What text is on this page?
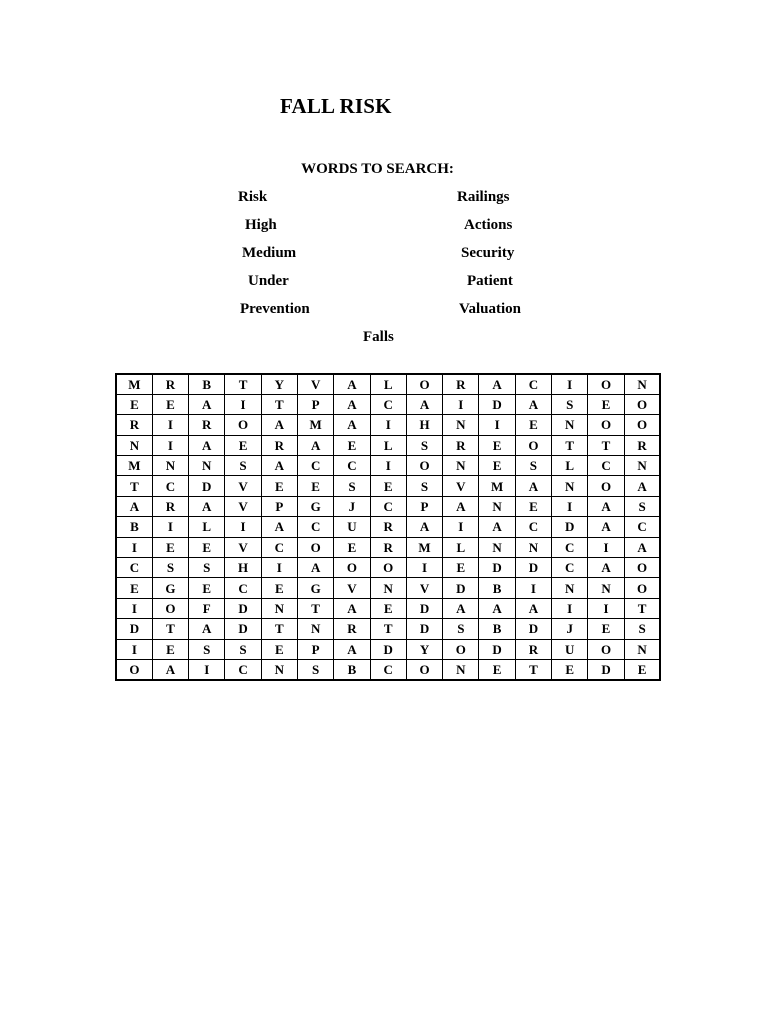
FALL RISK
WORDS TO SEARCH:
Risk
High
Medium
Under
Prevention
Railings
Actions
Security
Patient
Valuation
Falls
M	R	B	T	Y	V	A	L	O	R	A	C	I	O	N
E	E	A	I	T	P	A	C	A	I	D	A	S	E	O
R	I	R	O	A	M	A	I	H	N	I	E	N	O	O
N	I	A	E	R	A	E	L	S	R	E	O	T	T	R
M	N	N	S	A	C	C	I	O	N	E	S	L	C	N
T	C	D	V	E	E	S	E	S	V	M	A	N	O	A
A	R	A	V	P	G	J	C	P	A	N	E	I	A	S
B	I	L	I	A	C	U	R	A	I	A	C	D	A	C
I	E	E	V	C	O	E	R	M	L	N	N	C	I	A
C	S	S	H	I	A	O	O	I	E	D	D	C	A	O
E	G	E	C	E	G	V	N	V	D	B	I	N	N	O
I	O	F	D	N	T	A	E	D	A	A	A	I	I	T
D	T	A	D	T	N	R	T	D	S	B	D	J	E	S
I	E	S	S	E	P	A	D	Y	O	D	R	U	O	N
O	A	I	C	N	S	B	C	O	N	E	T	E	D	E
